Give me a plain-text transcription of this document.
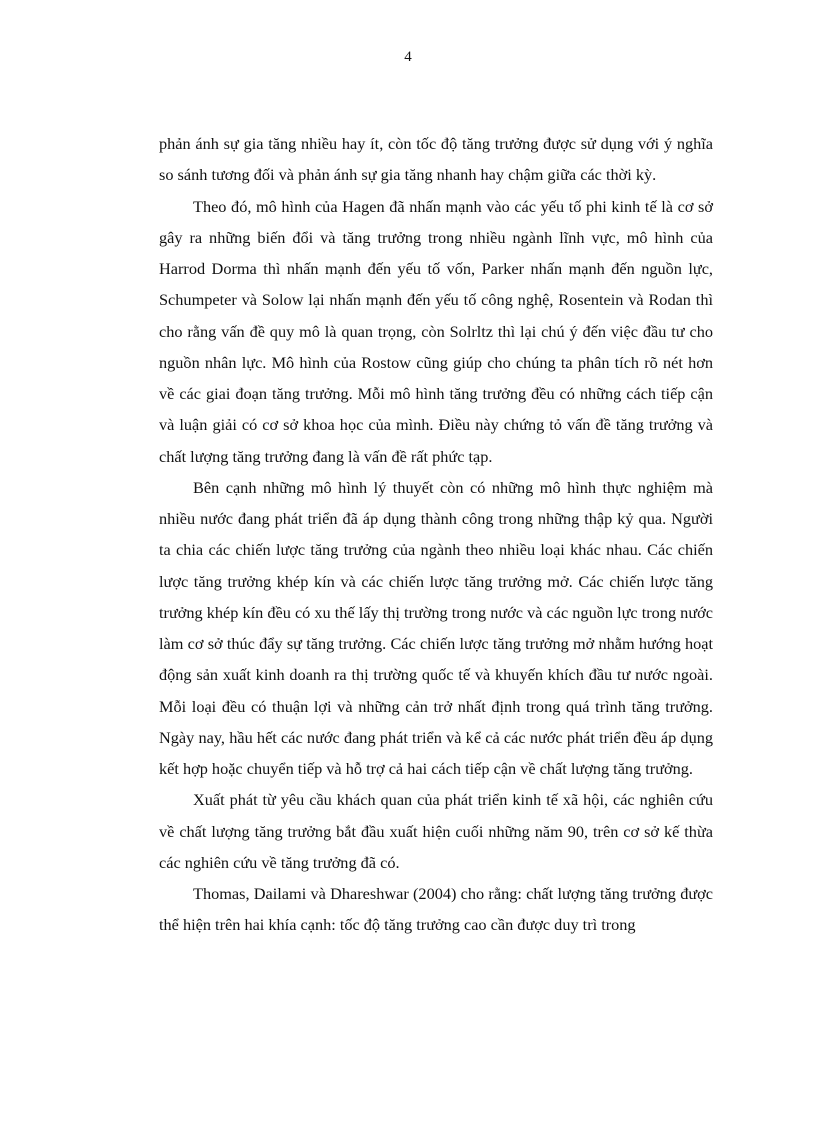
4

phản ánh sự gia tăng nhiều hay ít, còn tốc độ tăng trưởng được sử dụng với ý nghĩa so sánh tương đối và phản ánh sự gia tăng nhanh hay chậm giữa các thời kỳ.

Theo đó, mô hình của Hagen đã nhấn mạnh vào các yếu tố phi kinh tế là cơ sở gây ra những biến đổi và tăng trưởng trong nhiều ngành lĩnh vực, mô hình của Harrod Dorma thì nhấn mạnh đến yếu tố vốn, Parker nhấn mạnh đến nguồn lực, Schumpeter và Solow lại nhấn mạnh đến yếu tố công nghệ, Rosentein và Rodan thì cho rằng vấn đề quy mô là quan trọng, còn Solrltz thì lại chú ý đến việc đầu tư cho nguồn nhân lực. Mô hình của Rostow cũng giúp cho chúng ta phân tích rõ nét hơn về các giai đoạn tăng trưởng. Mỗi mô hình tăng trưởng đều có những cách tiếp cận và luận giải có cơ sở khoa học của mình. Điều này chứng tỏ vấn đề tăng trưởng và chất lượng tăng trưởng đang là vấn đề rất phức tạp.

Bên cạnh những mô hình lý thuyết còn có những mô hình thực nghiệm mà nhiều nước đang phát triển đã áp dụng thành công trong những thập kỷ qua. Người ta chia các chiến lược tăng trưởng của ngành theo nhiều loại khác nhau. Các chiến lược tăng trưởng khép kín và các chiến lược tăng trưởng mở. Các chiến lược tăng trưởng khép kín đều có xu thế lấy thị trường trong nước và các nguồn lực trong nước làm cơ sở thúc đẩy sự tăng trưởng. Các chiến lược tăng trưởng mở nhằm hướng hoạt động sản xuất kinh doanh ra thị trường quốc tế và khuyến khích đầu tư nước ngoài. Mỗi loại đều có thuận lợi và những cản trở nhất định trong quá trình tăng trưởng. Ngày nay, hầu hết các nước đang phát triển và kể cả các nước phát triển đều áp dụng kết hợp hoặc chuyển tiếp và hỗ trợ cả hai cách tiếp cận về chất lượng tăng trưởng.

Xuất phát từ yêu cầu khách quan của phát triển kinh tế xã hội, các nghiên cứu về chất lượng tăng trưởng bắt đầu xuất hiện cuối những năm 90, trên cơ sở kế thừa các nghiên cứu về tăng trưởng đã có.

Thomas, Dailami và Dhareshwar (2004) cho rằng: chất lượng tăng trưởng được thể hiện trên hai khía cạnh: tốc độ tăng trưởng cao cần được duy trì trong
